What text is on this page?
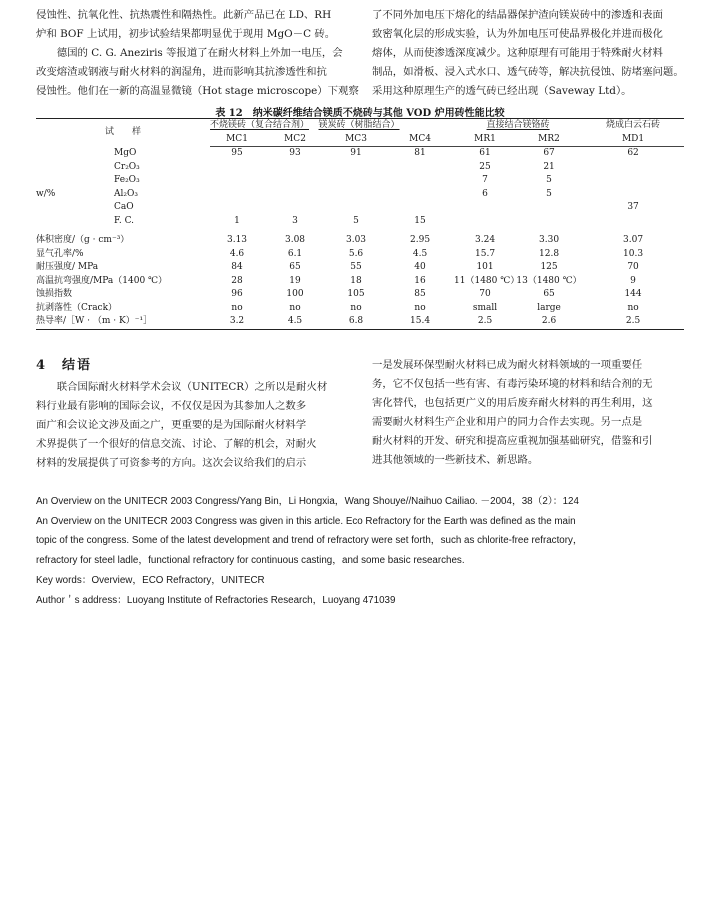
侵蚀性、抗氧化性、抗热震性和隔热性。此新产品已在 LD、RH
炉和 BOF 上试用，初步试验结果都明显优于现用 MgO－C 砖。
　　德国的 C. G. Aneziris 等报道了在耐火材料上外加一电压，会
改变熔渣或钢液与耐火材料的润湿角，进而影响其抗渗透性和抗
侵蚀性。他们在一新的高温显微镜（Hot stage microscope）下观察
了不同外加电压下熔化的结晶器保护渣向镁炭砖中的渗透和表面
致密氧化层的形成实验，认为外加电压可使晶界极化并进而极化
熔体，从而使渗透深度减少。这种原理有可能用于特殊耐火材料
制品，如滑板、浸入式水口、透气砖等，解决抗侵蚀、防堵塞问题。
采用这种原理生产的透气砖已经出现（Saveway Ltd）。
表 12　纳米碳纤维结合镁质不烧砖与其他 VOD 炉用砖性能比较
试　　样		不烧镁砖（复合结合剂）	镁炭砖（树脂结合）			直接结合镁铬砖		烧成白云石砖
		MC1	MC2	MC3	MC4	MR1	MR2	MD1
	MgO	95	93	91	81	61	67	62
	Cr₂O₃					25	21	
	Fe₂O₃					7	5	
w/%	Al₂O₃					6	5	
	CaO							37
	F. C.	1	3	5	15			

体积密度/（g · cm⁻³）		3.13	3.08	3.03	2.95	3.24	3.30	3.07
显气孔率/%		4.6	6.1	5.6	4.5	15.7	12.8	10.3
耐压强度/ MPa		84	65	55	40	101	125	70
高温抗弯强度/MPa（1400 ℃）		28	19	18	16	11（1480 ℃）	13（1480 ℃）	9
蚀损指数		96	100	105	85	70	65	144
抗剥落性（Crack）		no	no	no	no	small	large	no
热导率/［W · （m · K）⁻¹］		3.2	4.5	6.8	15.4	2.5	2.6	2.5
4　结语
　　联合国际耐火材料学术会议（UNITECR）之所以是耐火材
料行业最有影响的国际会议，不仅仅是因为其参加人之数多
面广和会议论文涉及面之广，更重要的是为国际耐火材料学
术界提供了一个很好的信息交流、讨论、了解的机会，对耐火
材料的发展提供了可资参考的方向。这次会议给我们的启示
一是发展环保型耐火材料已成为耐火材料领域的一项重要任
务，它不仅包括一些有害、有毒污染环境的材料和结合剂的无
害化替代，也包括更广义的用后废弃耐火材料的再生利用，这
需要耐火材料生产企业和用户的同力合作去实现。另一点是
耐火材料的开发、研究和提高应重视加强基础研究，借鉴和引
进其他领域的一些新技术、新思路。
An Overview on the UNITECR 2003 Congress/Yang Bin，Li Hongxia，Wang Shouye//Naihuo Cailiao. －2004，38（2）：124
An Overview on the UNITECR 2003 Congress was given in this article. Eco Refractory for the Earth was defined as the main
topic of the congress. Some of the latest development and trend of refractory were set forth，such as chlorite-free refractory，
refractory for steel ladle，functional refractory for continuous casting，and some basic researches.
Key words：Overview，ECO Refractory，UNITECR
Author＇s address：Luoyang Institute of Refractories Research，Luoyang 471039
